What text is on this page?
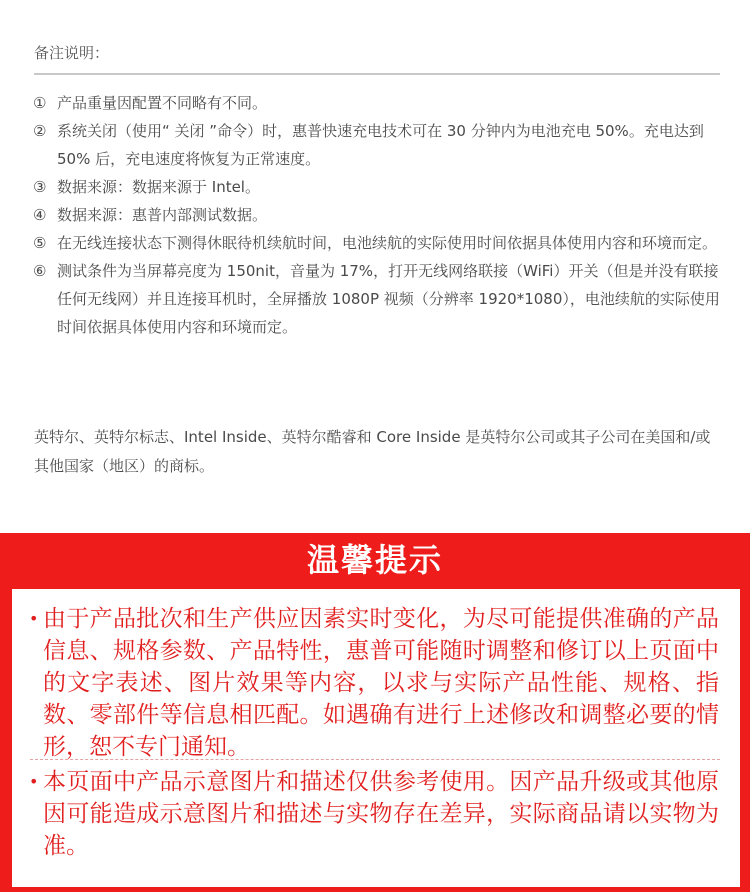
备注说明：
① 产品重量因配置不同略有不同。
② 系统关闭（使用“ 关闭 ”命令）时，惠普快速充电技术可在 30 分钟内为电池充电 50%。充电达到 50% 后，充电速度将恢复为正常速度。
③ 数据来源：数据来源于 Intel。
④ 数据来源：惠普内部测试数据。
⑤ 在无线连接状态下测得休眠待机续航时间，电池续航的实际使用时间依据具体使用内容和环境而定。
⑥ 测试条件为当屏幕亮度为 150nit，音量为 17%，打开无线网络联接（WiFi）开关（但是并没有联接任何无线网）并且连接耳机时，全屏播放 1080P 视频（分辨率 1920*1080），电池续航的实际使用时间依据具体使用内容和环境而定。
英特尔、英特尔标志、Intel Inside、英特尔酷睿和 Core Inside 是英特尔公司或其子公司在美国和/或其他国家（地区）的商标。
温馨提示
• 由于产品批次和生产供应因素实时变化，为尽可能提供准确的产品信息、规格参数、产品特性，惠普可能随时调整和修订以上页面中的文字表述、图片效果等内容，以求与实际产品性能、规格、指数、零部件等信息相匹配。如遇确有进行上述修改和调整必要的情形，恕不专门通知。
• 本页面中产品示意图片和描述仅供参考使用。因产品升级或其他原因可能造成示意图片和描述与实物存在差异，实际商品请以实物为准。
